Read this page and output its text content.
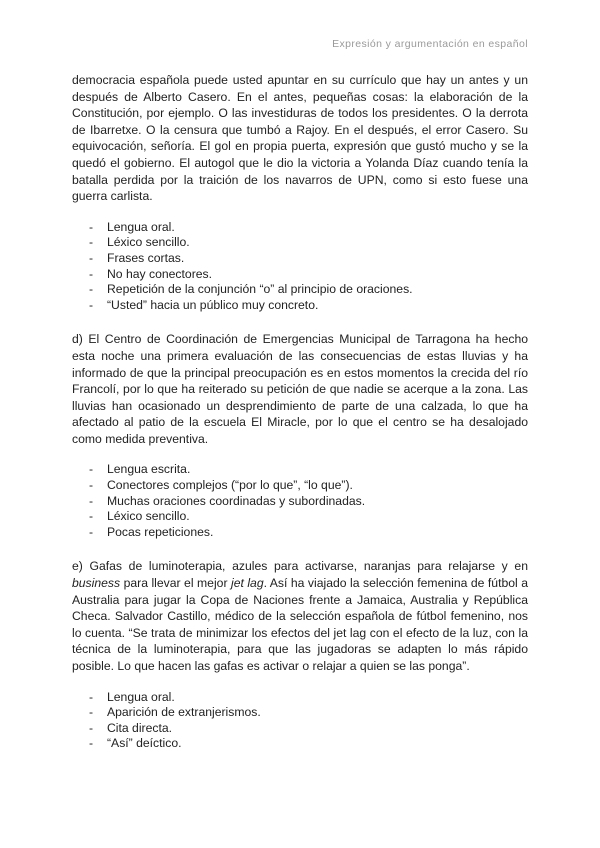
Expresión y argumentación en español

democracia española puede usted apuntar en su currículo que hay un antes y un después de Alberto Casero. En el antes, pequeñas cosas: la elaboración de la Constitución, por ejemplo. O las investiduras de todos los presidentes. O la derrota de Ibarretxe. O la censura que tumbó a Rajoy. En el después, el error Casero. Su equivocación, señoría. El gol en propia puerta, expresión que gustó mucho y se la quedó el gobierno. El autogol que le dio la victoria a Yolanda Díaz cuando tenía la batalla perdida por la traición de los navarros de UPN, como si esto fuese una guerra carlista.

- Lengua oral.
- Léxico sencillo.
- Frases cortas.
- No hay conectores.
- Repetición de la conjunción “o” al principio de oraciones.
- “Usted” hacia un público muy concreto.

d) El Centro de Coordinación de Emergencias Municipal de Tarragona ha hecho esta noche una primera evaluación de las consecuencias de estas lluvias y ha informado de que la principal preocupación es en estos momentos la crecida del río Francolí, por lo que ha reiterado su petición de que nadie se acerque a la zona. Las lluvias han ocasionado un desprendimiento de parte de una calzada, lo que ha afectado al patio de la escuela El Miracle, por lo que el centro se ha desalojado como medida preventiva.

- Lengua escrita.
- Conectores complejos (“por lo que”, “lo que”).
- Muchas oraciones coordinadas y subordinadas.
- Léxico sencillo.
- Pocas repeticiones.

e) Gafas de luminoterapia, azules para activarse, naranjas para relajarse y en business para llevar el mejor jet lag. Así ha viajado la selección femenina de fútbol a Australia para jugar la Copa de Naciones frente a Jamaica, Australia y República Checa. Salvador Castillo, médico de la selección española de fútbol femenino, nos lo cuenta. “Se trata de minimizar los efectos del jet lag con el efecto de la luz, con la técnica de la luminoterapia, para que las jugadoras se adapten lo más rápido posible. Lo que hacen las gafas es activar o relajar a quien se las ponga”.

- Lengua oral.
- Aparición de extranjerismos.
- Cita directa.
- “Así” deíctico.
